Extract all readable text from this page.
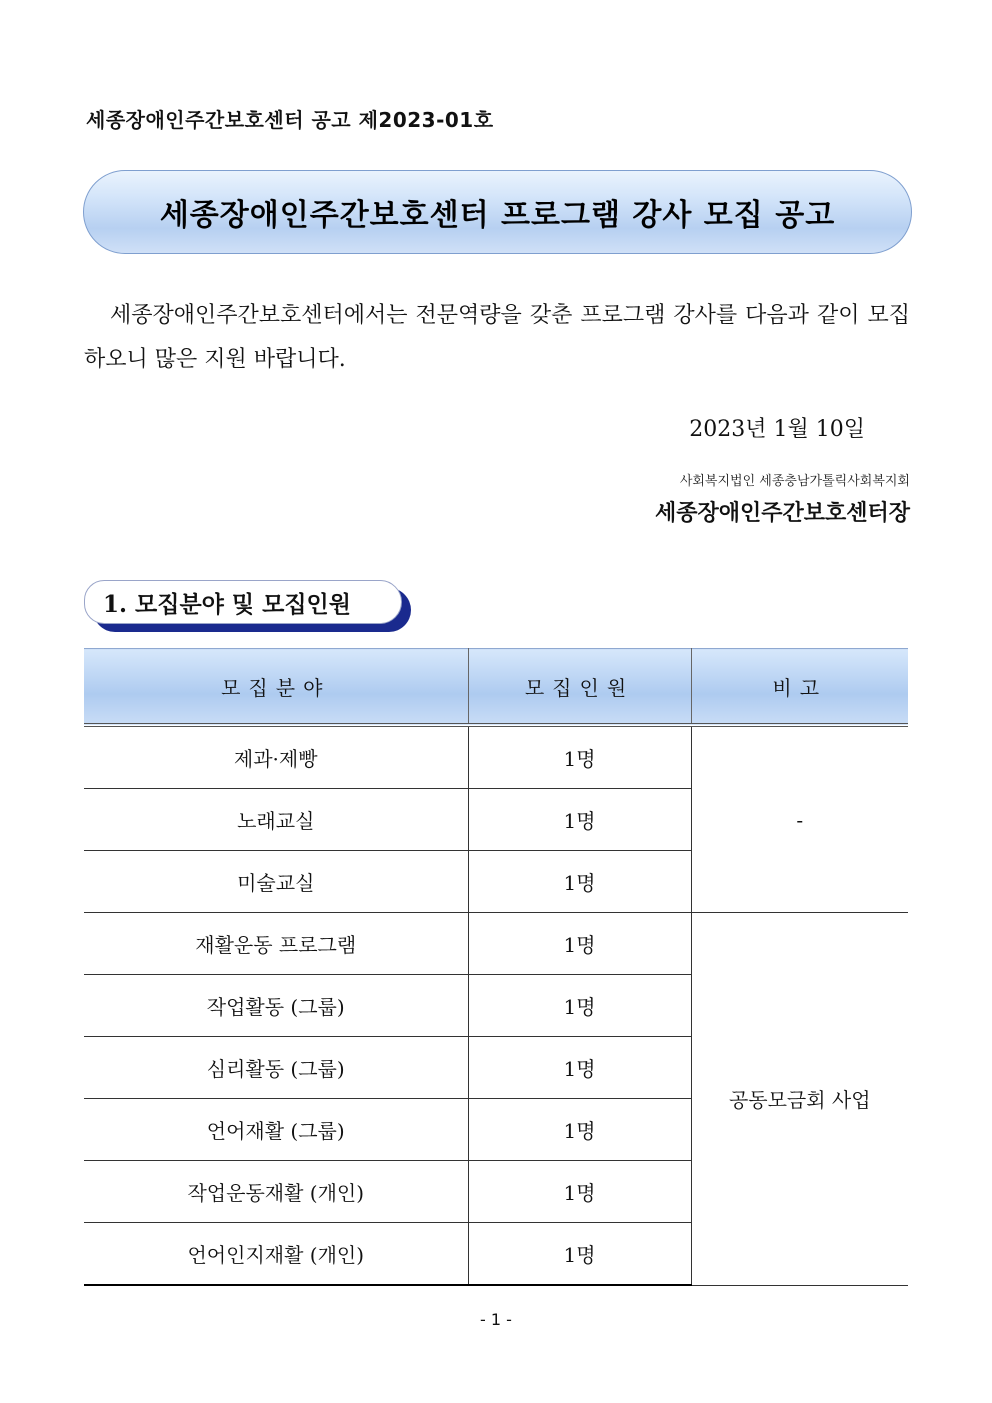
세종장애인주간보호센터 공고 제2023-01호
세종장애인주간보호센터 프로그램 강사 모집 공고

세종장애인주간보호센터에서는 전문역량을 갖춘 프로그램 강사를 다음과 같이 모집하오니 많은 지원 바랍니다.

2023년 1월 10일
사회복지법인 세종충남가톨릭사회복지회
세종장애인주간보호센터장
1. 모집분야 및 모집인원
모집분야	모집인원	비고
제과·제빵	1명	-
노래교실	1명	
미술교실	1명	
재활운동 프로그램	1명	공동모금회 사업
작업활동 (그룹)	1명	
심리활동 (그룹)	1명	
언어재활 (그룹)	1명	
작업운동재활 (개인)	1명	
언어인지재활 (개인)	1명	
- 1 -
